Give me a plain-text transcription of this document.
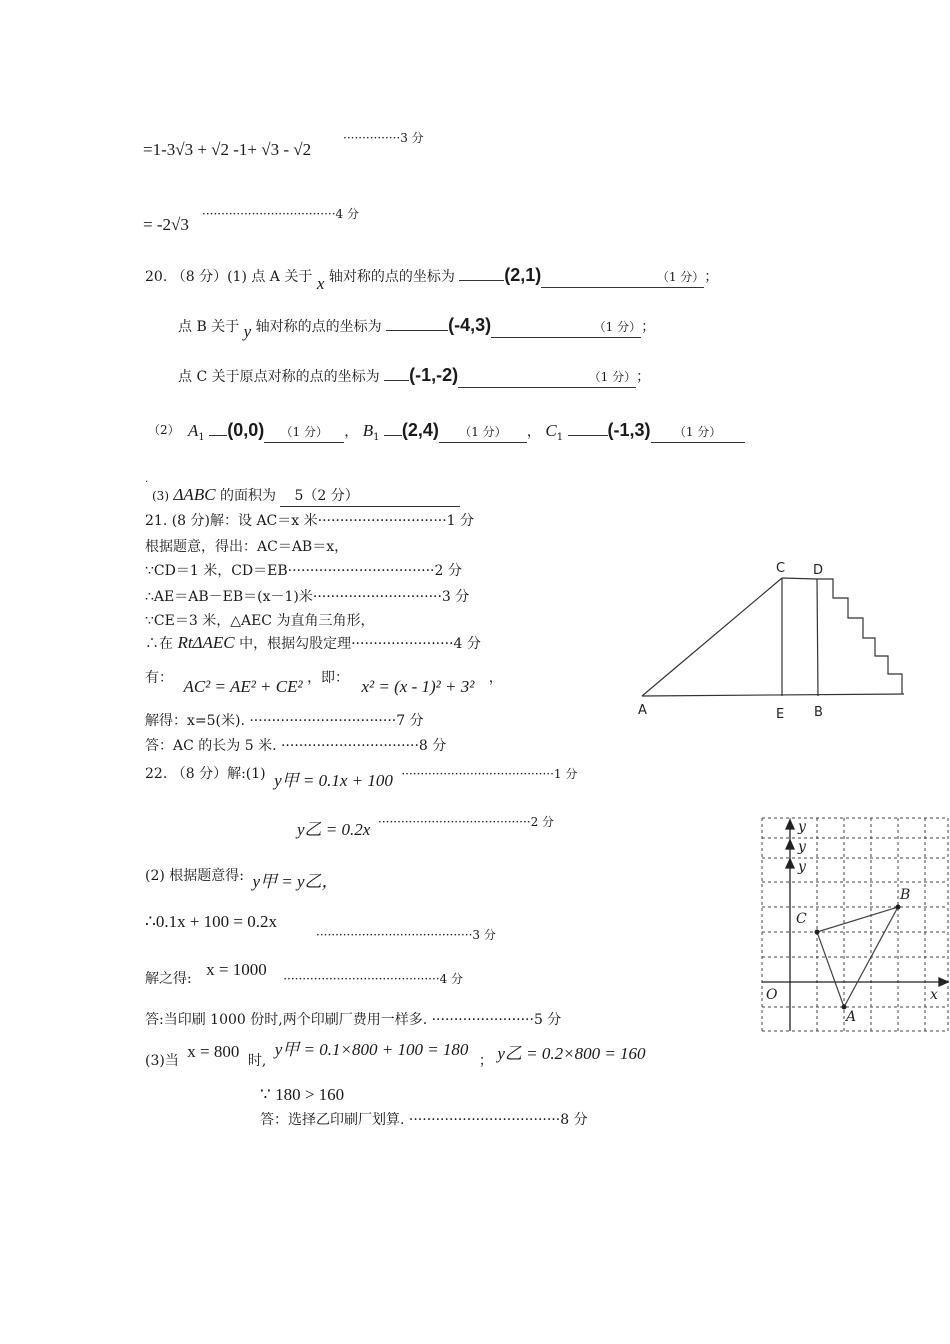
=1-3√3 + √2 -1+ √3 - √2
···············3 分
= -2√3
···································4 分
20. （8 分）(1) 点 A 关于 x 轴对称的点的坐标为	(2,1)	（1 分）；
点 B 关于 y 轴对称的点的坐标为	(-4,3)	（1 分）；
点 C 关于原点对称的点的坐标为 (-1,-2)	（1 分）；
（2） $A_1$ (0,0) （1 分） ， $B_1$ (2,4) （1 分） ， $C_1$ (-1,3) （1 分）
.
(3) ΔABC 的面积为 5（2 分）
21. (8 分)解：设 AC＝x 米·····························1 分
根据题意，得出：AC＝AB＝x，
∵CD＝1 米，CD＝EB·································2 分
∴AE＝AB－EB＝(x－1)米·····························3 分
∵CE＝3 米，△AEC 为直角三角形，
∴在 RtΔAEC 中，根据勾股定理·······················4 分
有： AC² = AE² + CE² ，即： x² = (x - 1)² + 3² ，
解得：x=5(米). ·································7 分
答：AC 的长为 5 米. ·······························8 分
C D
A	E B
22. （8 分）解:(1) y甲 = 0.1x + 100 ········································1 分
y乙 = 0.2x ········································2 分
(2) 根据题意得: y甲 = y乙，
∴0.1x + 100 = 0.2x
·········································3 分
解之得: x = 1000 ·········································4 分
答:当印刷 1000 份时,两个印刷厂费用一样多. ·······················5 分
(3)当 x = 800 时, y甲 = 0.1×800 + 100 = 180 ； y乙 = 0.2×800 = 160
∵ 180 > 160
答：选择乙印刷厂划算. ··································8 分
y
y
y
x
O
A
B
C
